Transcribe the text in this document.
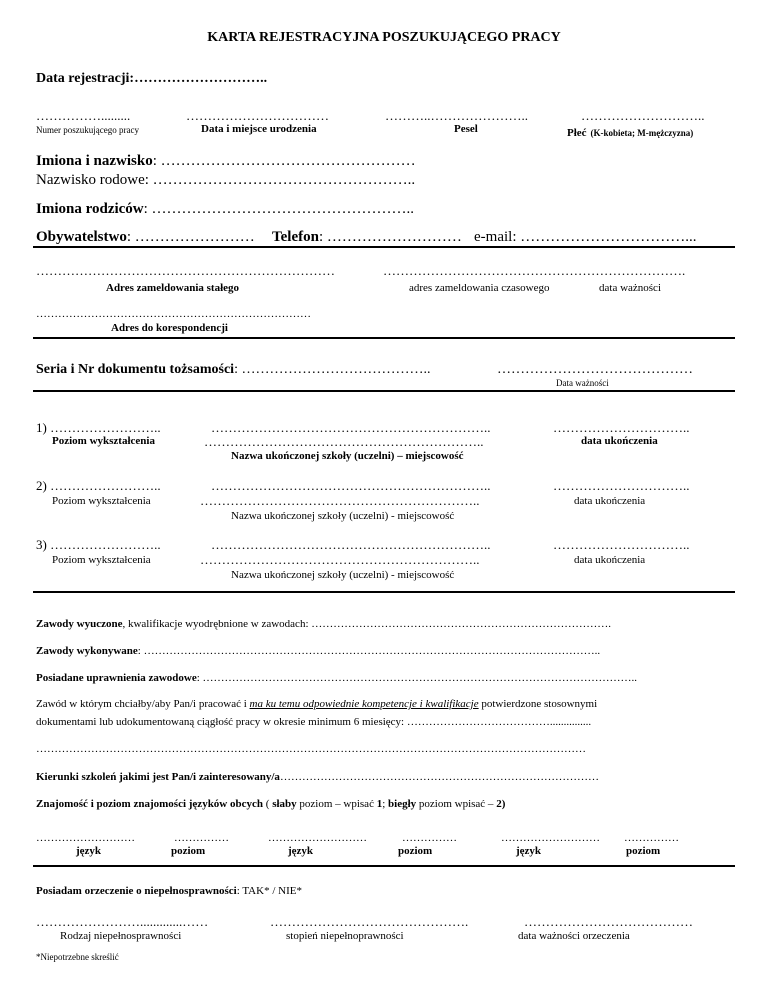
KARTA REJESTRACYJNA POSZUKUJĄCEGO PRACY
Data rejestracji:………………………..
…………….........	……………………………	………..…………………..	………………………..
Numer poszukującego pracy	Data i miejsce urodzenia	Pesel	Płeć (K-kobieta; M-mężczyzna)
Imiona i nazwisko: ……………………………………………
Nazwisko rodowe: ……………………………………………..
Imiona rodziców: ……………………………………………..
Obywatelstwo: …………………… Telefon: ……………………… e-mail: ……………………………...
……………………………………………………………	…………………………………………………………….
Adres zameldowania stałego	adres zameldowania czasowego	data ważności
…………………………………………………………………
Adres do korespondencji
Seria i Nr dokumentu tożsamości: …………………………………..	……………………………………
Data ważności
1) ……………………..	………………………………………………………..	…………………………..
Poziom wykształcenia	………………………………………………………..	data ukończenia
Nazwa ukończonej szkoły (uczelni) – miejscowość
2) ……………………..	………………………………………………………..	…………………………..
Poziom wykształcenia	………………………………………………………..	data ukończenia
Nazwa ukończonej szkoły (uczelni) - miejscowość
3) ……………………..	………………………………………………………..	…………………………..
Poziom wykształcenia	………………………………………………………..	data ukończenia
Nazwa ukończonej szkoły (uczelni) - miejscowość
Zawody wyuczone, kwalifikacje wyodrębnione w zawodach: ……………………………………………………………………….
Zawody wykonywane: ……………………………………………………………………………………………………………..
Posiadane uprawnienia zawodowe: ………………………………………………………………………………………………………..
Zawód w którym chciałby/aby Pan/i pracować i ma ku temu odpowiednie kompetencje i kwalifikacje potwierdzone stosownymi
dokumentami lub udokumentowaną ciągłość pracy w okresie minimum 6 miesięcy: …………………………………...............
……………………………………………………………………………………………………………………………………
Kierunki szkoleń jakimi jest Pan/i zainteresowany/a……………………………………………………………………………
Znajomość i poziom znajomości języków obcych ( słaby poziom – wpisać 1; biegły poziom wpisać – 2)
………………………	……………	………………………	……………	……………………… ……………
język	poziom	język	poziom	język	poziom
Posiadam orzeczenie o niepełnosprawności: TAK* / NIE*
…………………….............……	……………………………………….	…………………………………
Rodzaj niepełnosprawności	stopień niepełnoprawności	data ważności orzeczenia
*Niepotrzebne skreślić
